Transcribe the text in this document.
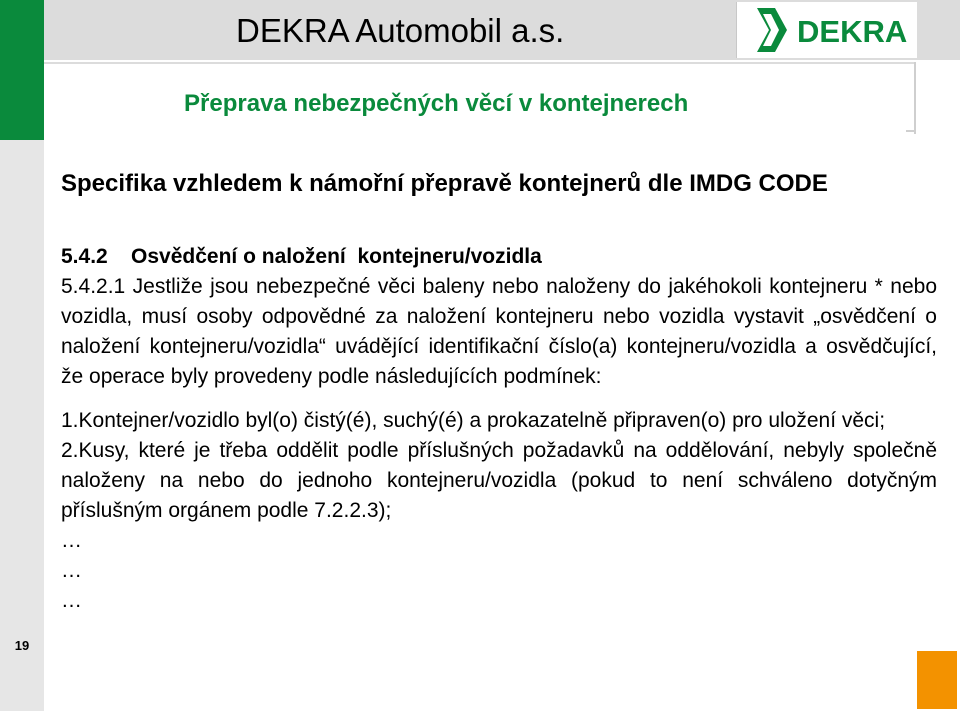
DEKRA Automobil a.s.	DEKRA
Přeprava nebezpečných věcí v kontejnerech
Specifika vzhledem k námořní přepravě kontejnerů dle IMDG CODE

5.4.2    Osvědčení o naložení  kontejneru/vozidla

5.4.2.1 Jestliže jsou nebezpečné věci baleny nebo naloženy do jakéhokoli kontejneru * nebo vozidla, musí osoby odpovědné za naložení kontejneru nebo vozidla vystavit „osvědčení o naložení kontejneru/vozidla“ uvádějící identifikační číslo(a) kontejneru/vozidla a osvědčující, že operace byly provedeny podle následujících podmínek:

1.Kontejner/vozidlo byl(o) čistý(é), suchý(é) a prokazatelně připraven(o) pro uložení věci;

2.Kusy, které je třeba oddělit podle příslušných požadavků na oddělování, nebyly společně naloženy na nebo do jednoho kontejneru/vozidla (pokud to není schváleno dotyčným příslušným orgánem podle 7.2.2.3);

…

…

…

19
